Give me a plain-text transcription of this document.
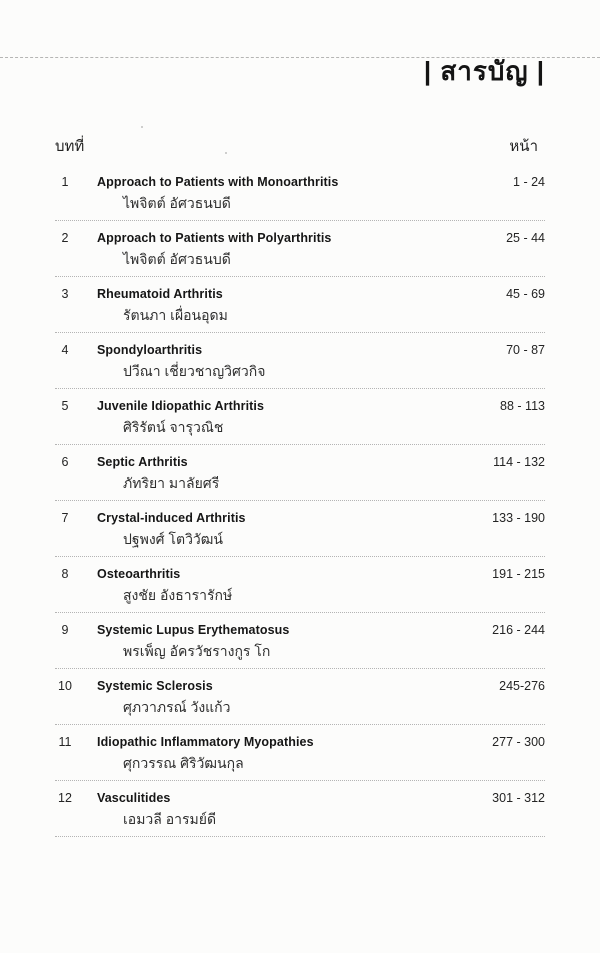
| สารบัญ |
บทที่	หน้า
1	Approach to Patients with Monoarthritis	1 - 24
ไพจิตต์ อัศวธนบดี
2	Approach to Patients with Polyarthritis	25 - 44
ไพจิตต์ อัศวธนบดี
3	Rheumatoid Arthritis	45 - 69
รัตนภา เผื่อนอุดม
4	Spondyloarthritis	70 - 87
ปวีณา เชี่ยวชาญวิศวกิจ
5	Juvenile Idiopathic Arthritis	88 - 113
ศิริรัตน์ จารุวณิช
6	Septic Arthritis	114 - 132
ภัทริยา มาลัยศรี
7	Crystal-induced Arthritis	133 - 190
ปฐพงศ์ โตวิวัฒน์
8	Osteoarthritis	191 - 215
สูงชัย อังธารารักษ์
9	Systemic Lupus Erythematosus	216 - 244
พรเพ็ญ อัครวัชรางกูร โก
10 Systemic Sclerosis	245-276
ศุภวาภรณ์ วังแก้ว
11 Idiopathic Inflammatory Myopathies	277 - 300
ศุกวรรณ ศิริวัฒนกุล
12 Vasculitides	301 - 312
เอมวลี อารมย์ดี
